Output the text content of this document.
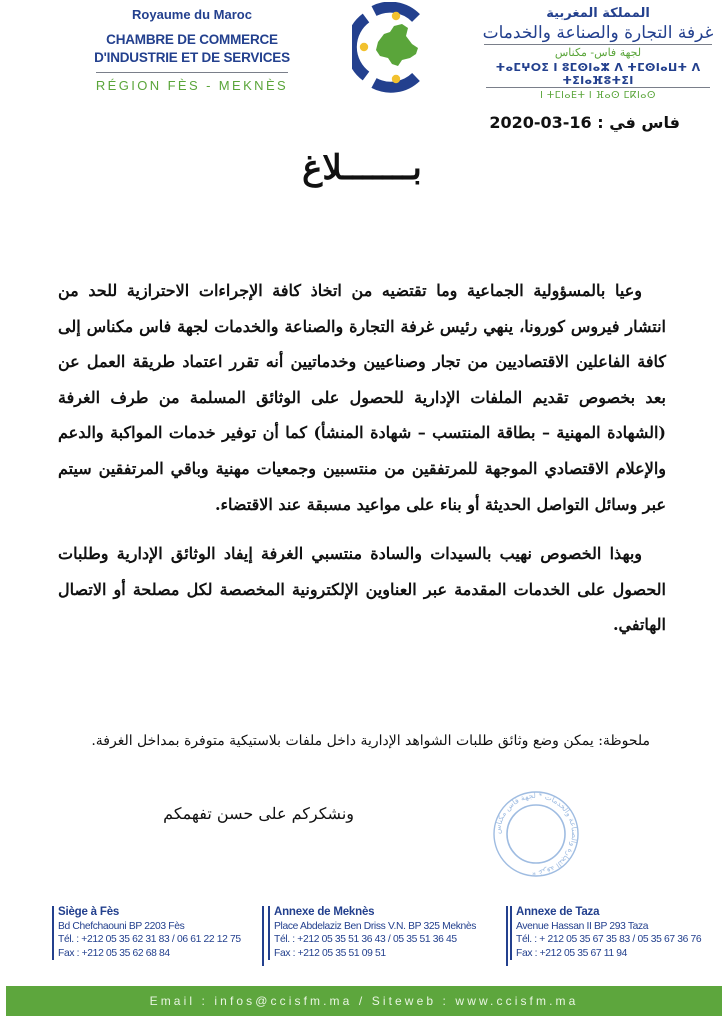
Royaume du Maroc
CHAMBRE DE COMMERCE
D'INDUSTRIE ET DE SERVICES
RÉGION FÈS - MEKNÈS
المملكة المغربية
غرفة التجارة والصناعة والخدمات
لجهة فاس- مكناس
ⵜⴰⵎⵖⵔⵉ ⵏ ⵓⵎⵙⵏⴰⵣ ⴷ ⵜⵎⵙⵏⴰⵡⵜ ⴷ ⵜⵉⵏⴰⴼⵓⵜⵉⵏ
ⵏ ⵜⵎⵏⴰⴹⵜ ⵏ ⴼⴰⵙ ⵎⴽⵏⴰⵙ
فاس في : 16-03-2020
بـــــــلاغ

وعيا بالمسؤولية الجماعية وما تقتضيه من اتخاذ كافة الإجراءات الاحترازية للحد من انتشار فيروس كورونا، ينهي رئيس غرفة التجارة والصناعة والخدمات لجهة فاس مكناس إلى كافة الفاعلين الاقتصاديين من تجار وصناعيين وخدماتيين أنه تقرر اعتماد طريقة العمل عن بعد بخصوص تقديم الملفات الإدارية للحصول على الوثائق المسلمة من طرف الغرفة (الشهادة المهنية – بطاقة المنتسب – شهادة المنشأ) كما أن توفير خدمات المواكبة والدعم والإعلام الاقتصادي الموجهة للمرتفقين من منتسبين وجمعيات مهنية وباقي المرتفقين سيتم عبر وسائل التواصل الحديثة أو بناء على مواعيد مسبقة عند الاقتضاء.

وبهذا الخصوص نهيب بالسيدات والسادة منتسبي الغرفة إيفاد الوثائق الإدارية وطلبات الحصول على الخدمات المقدمة عبر العناوين الإلكترونية المخصصة لكل مصلحة أو الاتصال الهاتفي.

ملحوظة: يمكن وضع وثائق طلبات الشواهد الإدارية داخل ملفات بلاستيكية متوفرة بمداخل الغرفة.
ونشكركم على حسن تفهمكم
غرفة التجارة والصناعة والخدمات * لجهة فاس مكناس *
Siège à Fès
Bd Chefchaouni BP 2203 Fès
Tél. : +212 05 35 62 31 83 / 06 61 22 12 75
Fax : +212 05 35 62 68 84
Annexe de Meknès
Place Abdelaziz Ben Driss V.N. BP 325 Meknès
Tél. : +212 05 35 51 36 43 / 05 35 51 36 45
Fax : +212 05 35 51 09 51
Annexe de Taza
Avenue Hassan II BP 293 Taza
Tél. : + 212 05 35 67 35 83 / 05 35 67 36 76
Fax : +212 05 35 67 11 94
Email : infos@ccisfm.ma / Siteweb : www.ccisfm.ma
